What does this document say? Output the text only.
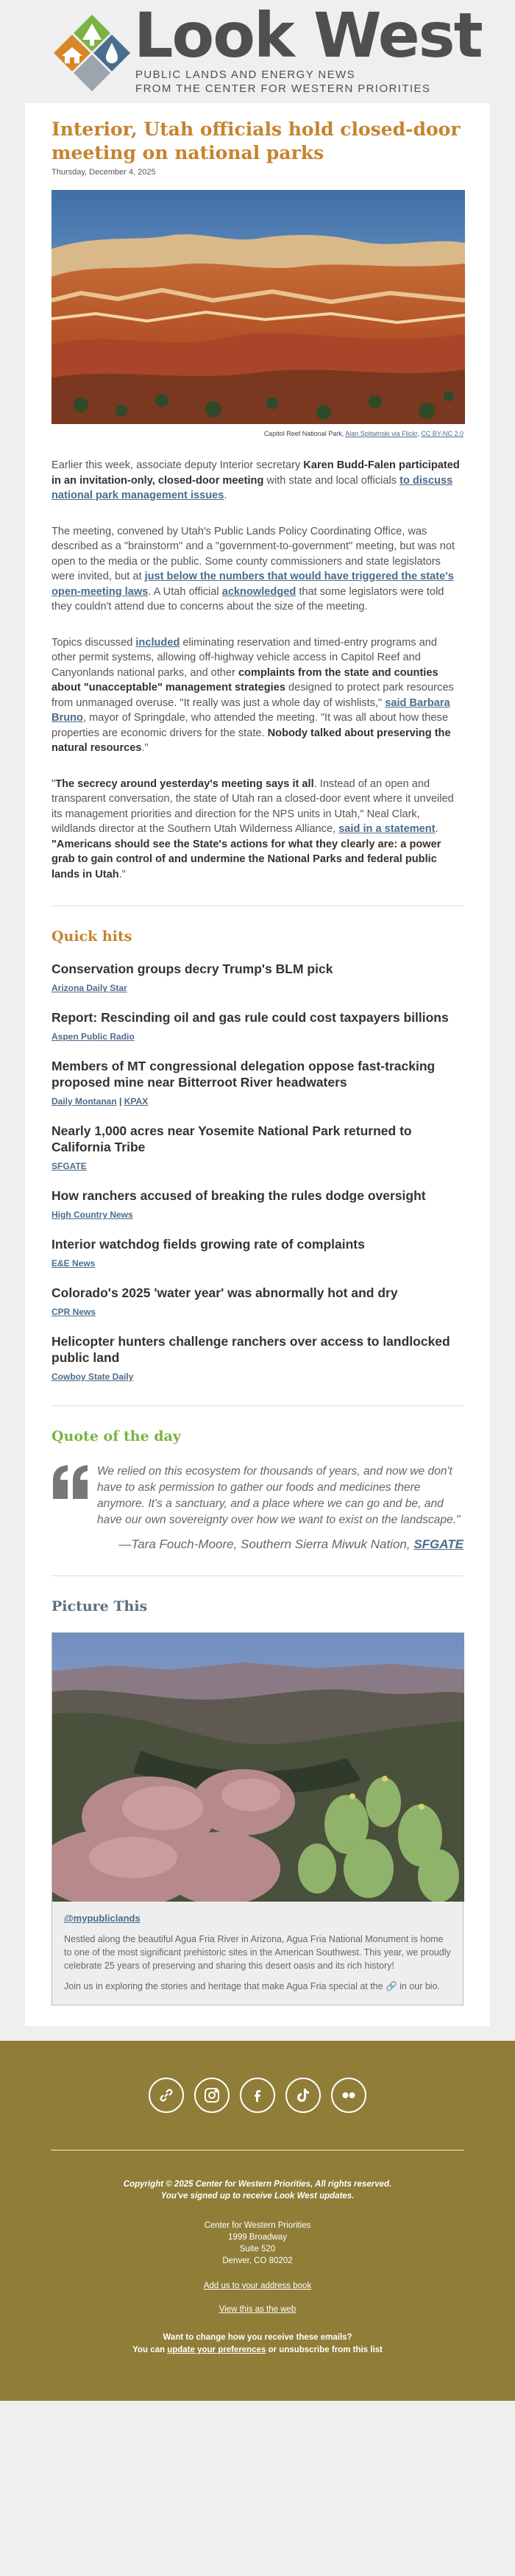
Look West
PUBLIC LANDS AND ENERGY NEWS
FROM THE CENTER FOR WESTERN PRIORITIES
Interior, Utah officials hold closed-door meeting on national parks
Thursday, December 4, 2025
Capitol Reef National Park, Alan Spitwinski via Flickr, CC BY-NC 2.0

Earlier this week, associate deputy Interior secretary Karen Budd-Falen participated in an invitation-only, closed-door meeting with state and local officials to discuss national park management issues.

The meeting, convened by Utah's Public Lands Policy Coordinating Office, was described as a "brainstorm" and a "government-to-government" meeting, but was not open to the media or the public. Some county commissioners and state legislators were invited, but at just below the numbers that would have triggered the state's open-meeting laws. A Utah official acknowledged that some legislators were told they couldn't attend due to concerns about the size of the meeting.

Topics discussed included eliminating reservation and timed-entry programs and other permit systems, allowing off-highway vehicle access in Capitol Reef and Canyonlands national parks, and other complaints from the state and counties about "unacceptable" management strategies designed to protect park resources from unmanaged overuse. "It really was just a whole day of wishlists," said Barbara Bruno, mayor of Springdale, who attended the meeting. "It was all about how these properties are economic drivers for the state. Nobody talked about preserving the natural resources."

"The secrecy around yesterday's meeting says it all. Instead of an open and transparent conversation, the state of Utah ran a closed-door event where it unveiled its management priorities and direction for the NPS units in Utah," Neal Clark, wildlands director at the Southern Utah Wilderness Alliance, said in a statement. "Americans should see the State's actions for what they clearly are: a power grab to gain control of and undermine the National Parks and federal public lands in Utah."

Quick hits
Conservation groups decry Trump's BLM pick
Arizona Daily Star
Report: Rescinding oil and gas rule could cost taxpayers billions
Aspen Public Radio
Members of MT congressional delegation oppose fast-tracking proposed mine near Bitterroot River headwaters
Daily Montanan | KPAX
Nearly 1,000 acres near Yosemite National Park returned to California Tribe
SFGATE
How ranchers accused of breaking the rules dodge oversight
High Country News
Interior watchdog fields growing rate of complaints
E&E News
Colorado's 2025 'water year' was abnormally hot and dry
CPR News
Helicopter hunters challenge ranchers over access to landlocked public land
Cowboy State Daily
Quote of the day
We relied on this ecosystem for thousands of years, and now we don't have to ask permission to gather our foods and medicines there anymore. It's a sanctuary, and a place where we can go and be, and have our own sovereignty over how we want to exist on the landscape."
—Tara Fouch-Moore, Southern Sierra Miwuk Nation, SFGATE
Picture This
@mypubliclands

Nestled along the beautiful Agua Fria River in Arizona, Agua Fria National Monument is home to one of the most significant prehistoric sites in the American Southwest. This year, we proudly celebrate 25 years of preserving and sharing this desert oasis and its rich history!

Join us in exploring the stories and heritage that make Agua Fria special at the 🔗 in our bio.

Copyright © 2025 Center for Western Priorities, All rights reserved.
You've signed up to receive Look West updates.
Center for Western Priorities
1999 Broadway
Suite 520
Denver, CO 80202
Add us to your address book
View this as the web
Want to change how you receive these emails?
You can update your preferences or unsubscribe from this list
